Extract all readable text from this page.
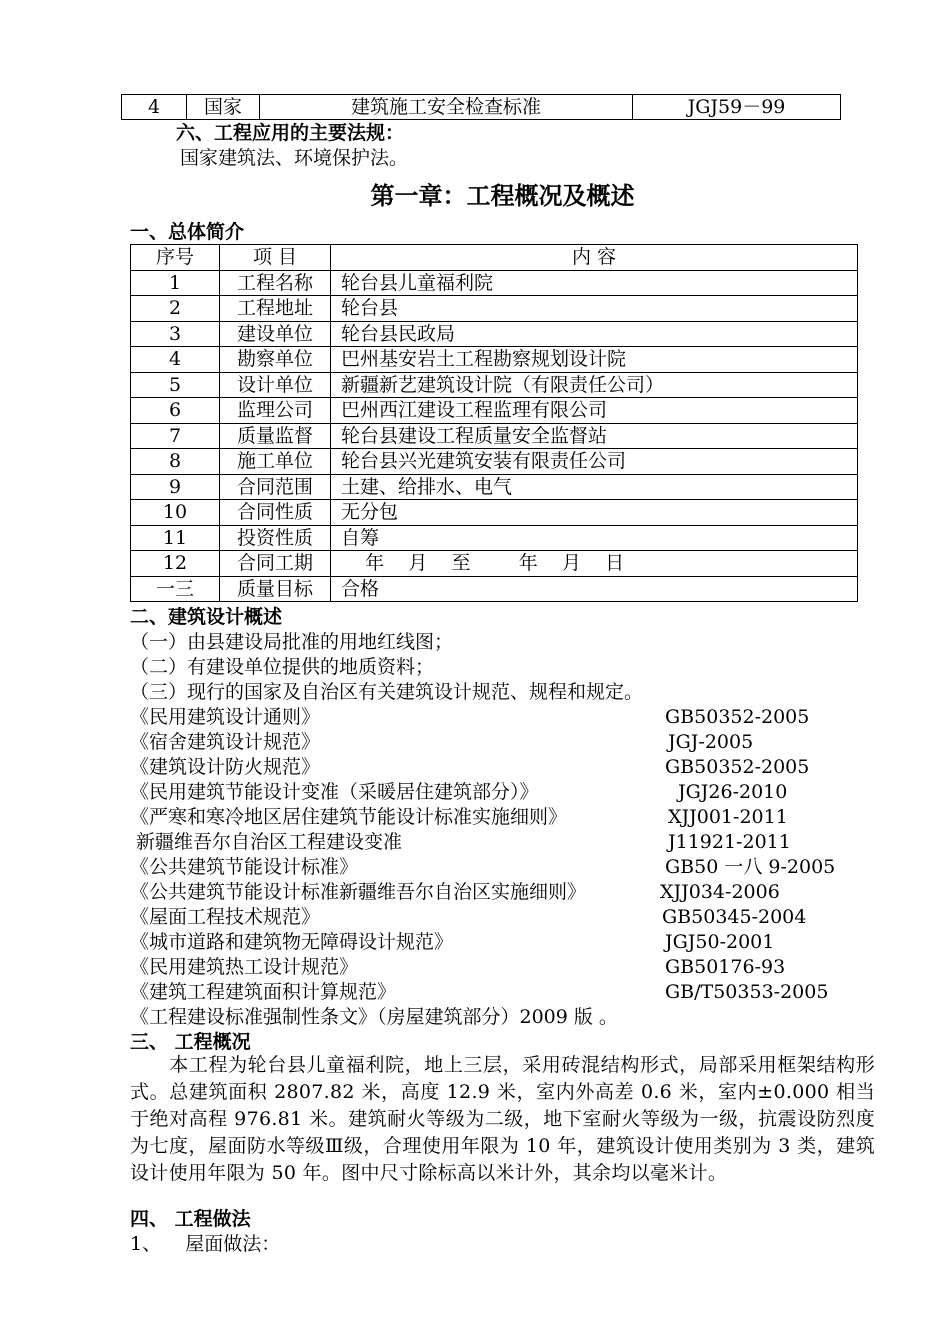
4	国家	建筑施工安全检查标准	JGJ59－99
六、工程应用的主要法规：
国家建筑法、环境保护法。
第一章：工程概况及概述
一、总体简介
序号	项 目	内 容
1	工程名称	轮台县儿童福利院
2	工程地址	轮台县
3	建设单位	轮台县民政局
4	勘察单位	巴州基安岩土工程勘察规划设计院
5	设计单位	新疆新艺建筑设计院（有限责任公司）
6	监理公司	巴州西江建设工程监理有限公司
7	质量监督	轮台县建设工程质量安全监督站
8	施工单位	轮台县兴光建筑安装有限责任公司
9	合同范围	土建、给排水、电气
10	合同性质	无分包
11	投资性质	自筹
12	合同工期	年    月    至        年    月    日
一三	质量目标	合格
二、建筑设计概述
（一）由县建设局批准的用地红线图；
（二）有建设单位提供的地质资料；
（三）现行的国家及自治区有关建筑设计规范、规程和规定。
《民用建筑设计通则》	GB50352-2005
《宿舍建筑设计规范》	JGJ-2005
《建筑设计防火规范》	GB50352-2005
《民用建筑节能设计变准（采暖居住建筑部分）》	JGJ26-2010
《严寒和寒冷地区居住建筑节能设计标准实施细则》	XJJ001-2011
新疆维吾尔自治区工程建设变准	J11921-2011
《公共建筑节能设计标准》	GB50 一八 9-2005
《公共建筑节能设计标准新疆维吾尔自治区实施细则》	XJJ034-2006
《屋面工程技术规范》	GB50345-2004
《城市道路和建筑物无障碍设计规范》	JGJ50-2001
《民用建筑热工设计规范》	GB50176-93
《建筑工程建筑面积计算规范》	GB/T50353-2005
《工程建设标准强制性条文》（房屋建筑部分）2009 版 。
三、 工程概况
　　本工程为轮台县儿童福利院，地上三层，采用砖混结构形式，局部采用框架结构形式。总建筑面积 2807.82 米，高度 12.9 米，室内外高差 0.6 米，室内±0.000 相当于绝对高程 976.81 米。建筑耐火等级为二级，地下室耐火等级为一级，抗震设防烈度为七度，屋面防水等级Ⅲ级，合理使用年限为 10 年，建筑设计使用类别为 3 类，建筑设计使用年限为 50 年。图中尺寸除标高以米计外，其余均以毫米计。
四、 工程做法
1、    屋面做法：
